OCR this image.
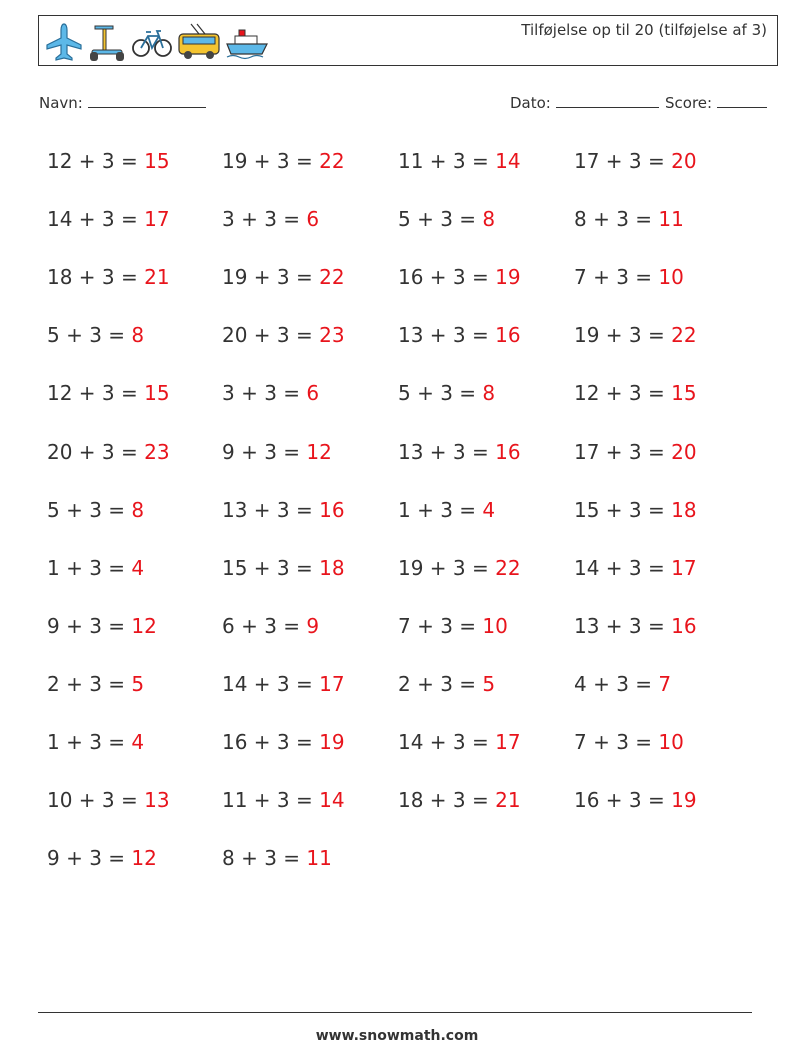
Tilføjelse op til 20 (tilføjelse af 3)
Navn:	Dato:	Score:
12 + 3 = 15	19 + 3 = 22	11 + 3 = 14	17 + 3 = 20
14 + 3 = 17	3 + 3 = 6	5 + 3 = 8	8 + 3 = 11
18 + 3 = 21	19 + 3 = 22	16 + 3 = 19	7 + 3 = 10
5 + 3 = 8	20 + 3 = 23	13 + 3 = 16	19 + 3 = 22
12 + 3 = 15	3 + 3 = 6	5 + 3 = 8	12 + 3 = 15
20 + 3 = 23	9 + 3 = 12	13 + 3 = 16	17 + 3 = 20
5 + 3 = 8	13 + 3 = 16	1 + 3 = 4	15 + 3 = 18
1 + 3 = 4	15 + 3 = 18	19 + 3 = 22	14 + 3 = 17
9 + 3 = 12	6 + 3 = 9	7 + 3 = 10	13 + 3 = 16
2 + 3 = 5	14 + 3 = 17	2 + 3 = 5	4 + 3 = 7
1 + 3 = 4	16 + 3 = 19	14 + 3 = 17	7 + 3 = 10
10 + 3 = 13	11 + 3 = 14	18 + 3 = 21	16 + 3 = 19
9 + 3 = 12	8 + 3 = 11
www.snowmath.com
